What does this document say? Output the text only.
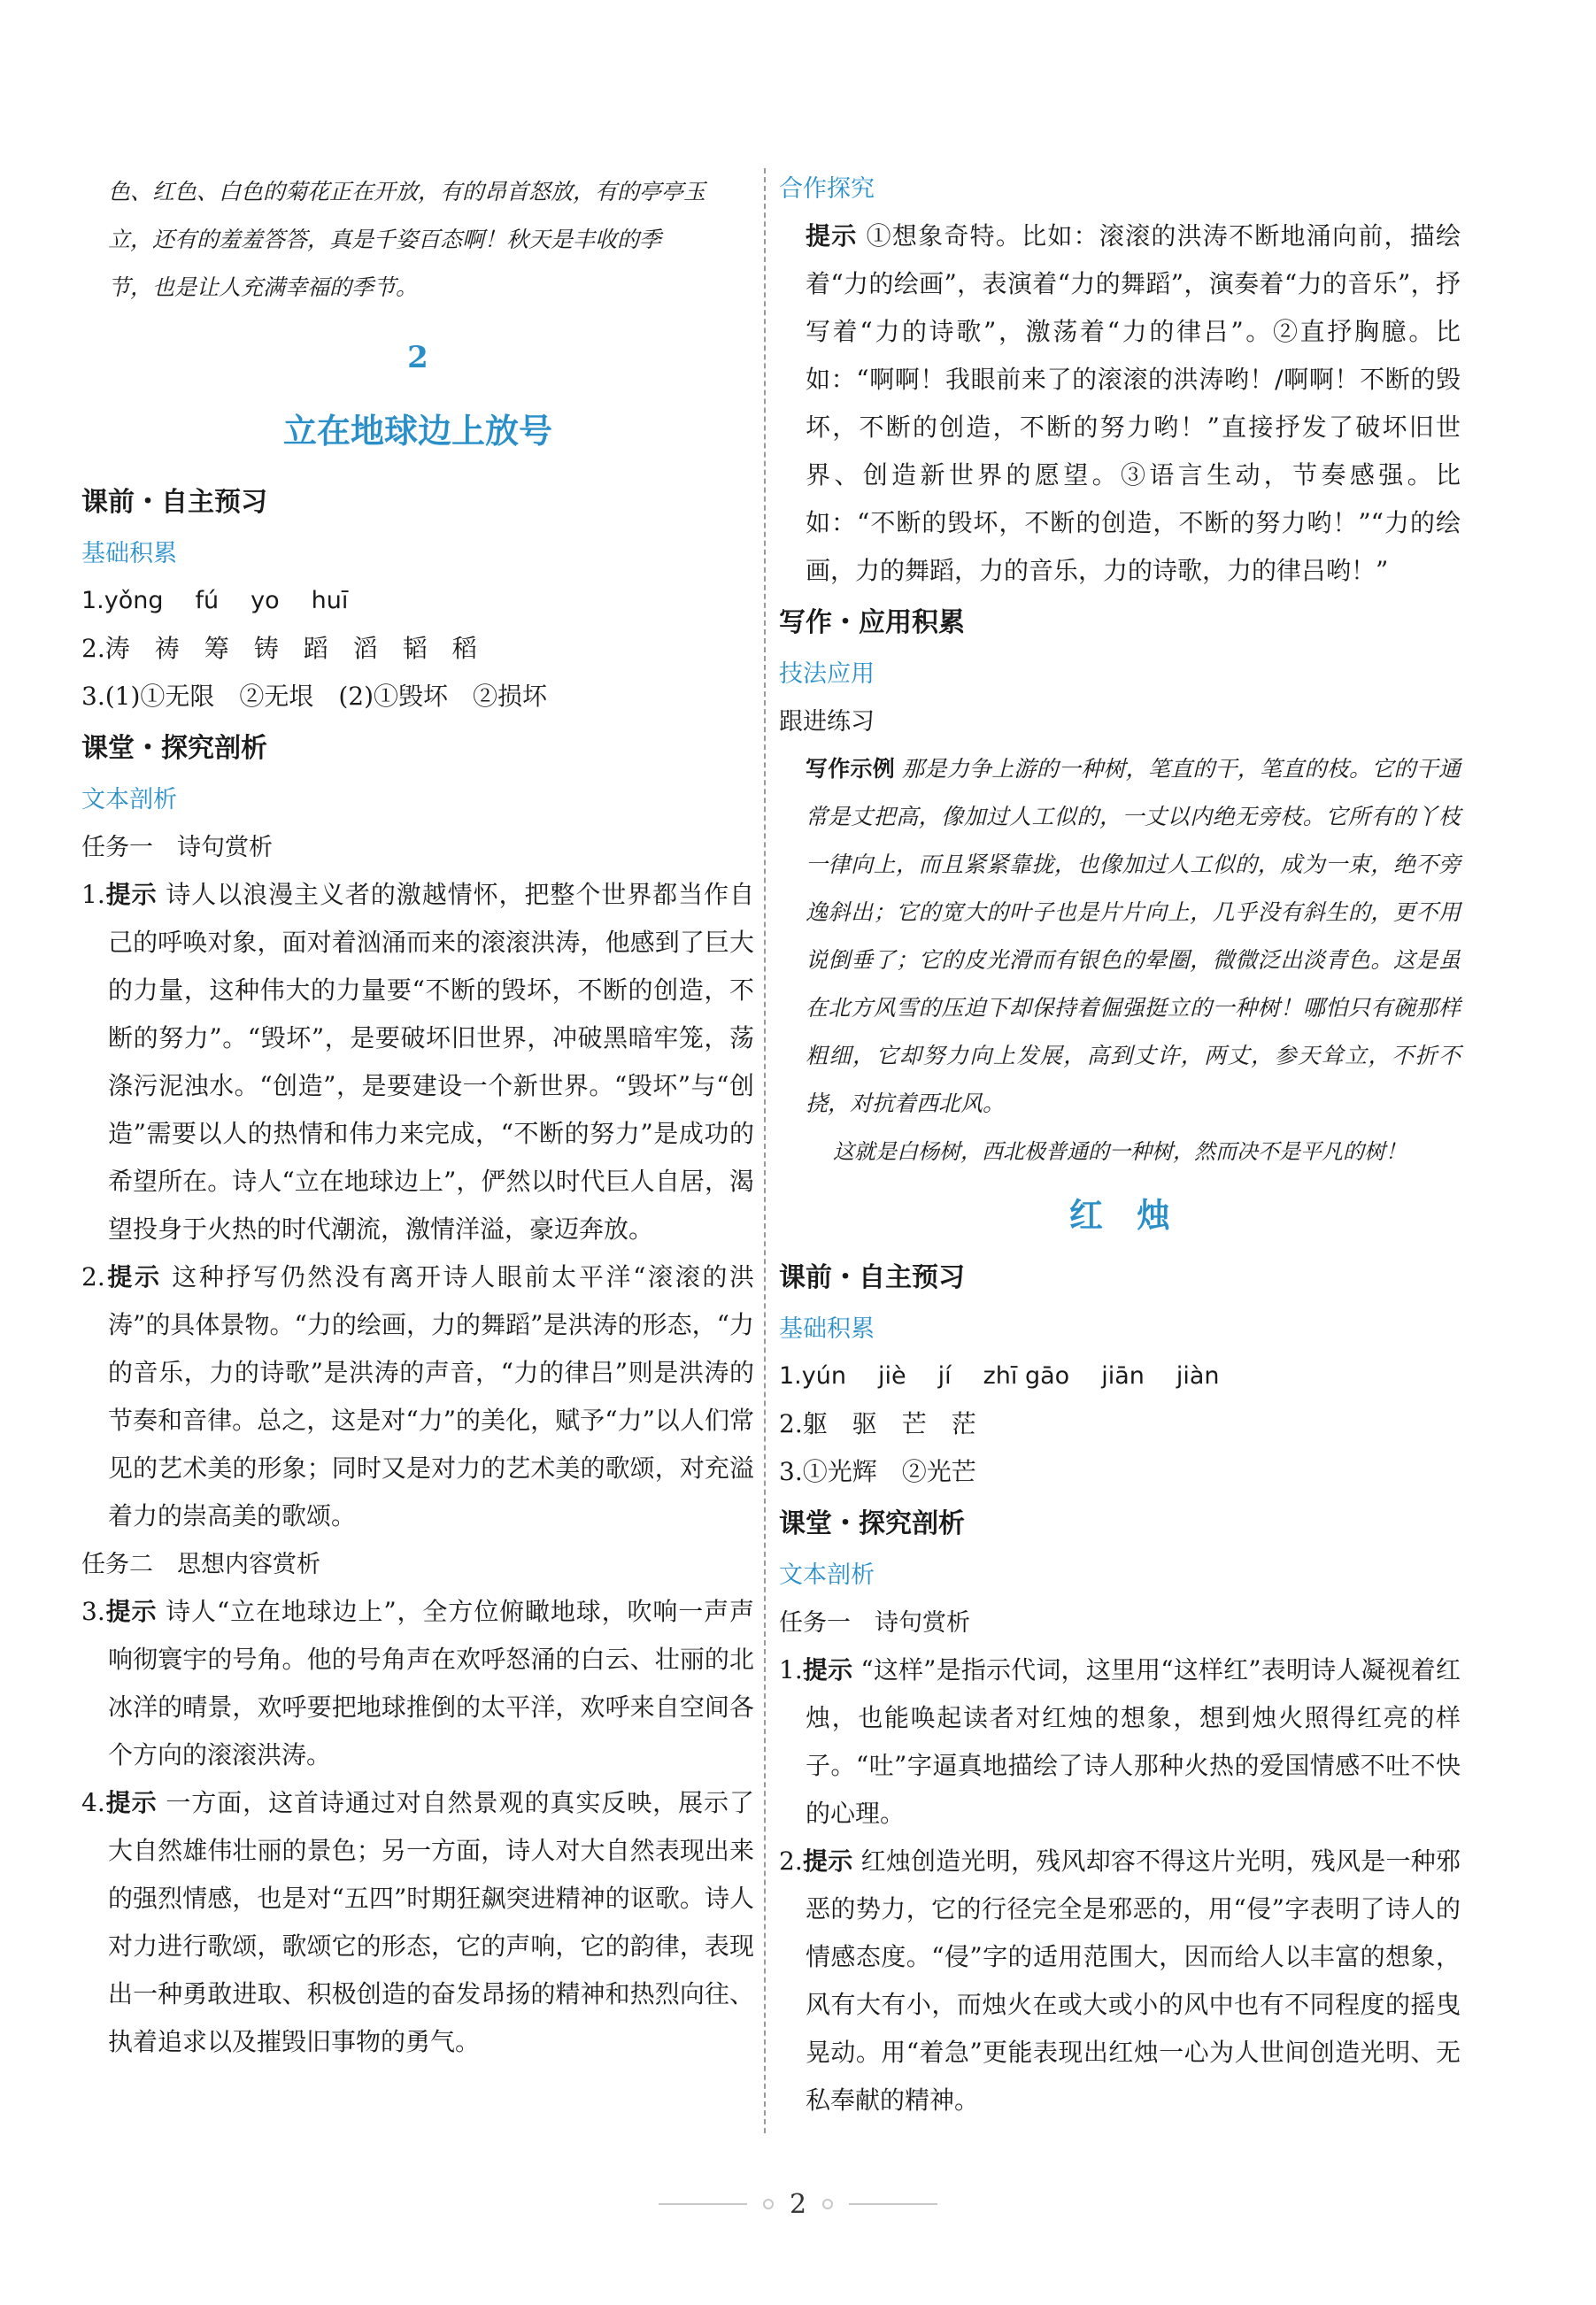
色、红色、白色的菊花正在开放，有的昂首怒放，有的亭亭玉

立，还有的羞羞答答，真是千姿百态啊！秋天是丰收的季

节，也是让人充满幸福的季节。

2

立在地球边上放号

课前・自主预习

基础积累

1.yǒng fú yo huī

2.涛　祷　筹　铸　蹈　滔　韬　稻

3.(1)①无限　②无垠　(2)①毁坏　②损坏

课堂・探究剖析

文本剖析

任务一　诗句赏析

1.提示 诗人以浪漫主义者的激越情怀，把整个世界都当作自己的呼唤对象，面对着汹涌而来的滚滚洪涛，他感到了巨大的力量，这种伟大的力量要“不断的毁坏，不断的创造，不断的努力”。“毁坏”，是要破坏旧世界，冲破黑暗牢笼，荡涤污泥浊水。“创造”，是要建设一个新世界。“毁坏”与“创造”需要以人的热情和伟力来完成，“不断的努力”是成功的希望所在。诗人“立在地球边上”，俨然以时代巨人自居，渴望投身于火热的时代潮流，激情洋溢，豪迈奔放。

2.提示 这种抒写仍然没有离开诗人眼前太平洋“滚滚的洪涛”的具体景物。“力的绘画，力的舞蹈”是洪涛的形态，“力的音乐，力的诗歌”是洪涛的声音，“力的律吕”则是洪涛的节奏和音律。总之，这是对“力”的美化，赋予“力”以人们常见的艺术美的形象；同时又是对力的艺术美的歌颂，对充溢着力的崇高美的歌颂。

任务二　思想内容赏析

3.提示 诗人“立在地球边上”，全方位俯瞰地球，吹响一声声响彻寰宇的号角。他的号角声在欢呼怒涌的白云、壮丽的北冰洋的晴景，欢呼要把地球推倒的太平洋，欢呼来自空间各个方向的滚滚洪涛。

4.提示 一方面，这首诗通过对自然景观的真实反映，展示了大自然雄伟壮丽的景色；另一方面，诗人对大自然表现出来的强烈情感，也是对“五四”时期狂飙突进精神的讴歌。诗人对力进行歌颂，歌颂它的形态，它的声响，它的韵律，表现出一种勇敢进取、积极创造的奋发昂扬的精神和热烈向往、执着追求以及摧毁旧事物的勇气。

合作探究

提示 ①想象奇特。比如：滚滚的洪涛不断地涌向前，描绘着“力的绘画”，表演着“力的舞蹈”，演奏着“力的音乐”，抒写着“力的诗歌”，激荡着“力的律吕”。②直抒胸臆。比如：“啊啊！我眼前来了的滚滚的洪涛哟！/啊啊！不断的毁坏，不断的创造，不断的努力哟！”直接抒发了破坏旧世界、创造新世界的愿望。③语言生动，节奏感强。比如：“不断的毁坏，不断的创造，不断的努力哟！”“力的绘画，力的舞蹈，力的音乐，力的诗歌，力的律吕哟！”

写作・应用积累

技法应用

跟进练习

写作示例 那是力争上游的一种树，笔直的干，笔直的枝。它的干通常是丈把高，像加过人工似的，一丈以内绝无旁枝。它所有的丫枝一律向上，而且紧紧靠拢，也像加过人工似的，成为一束，绝不旁逸斜出；它的宽大的叶子也是片片向上，几乎没有斜生的，更不用说倒垂了；它的皮光滑而有银色的晕圈，微微泛出淡青色。这是虽在北方风雪的压迫下却保持着倔强挺立的一种树！哪怕只有碗那样粗细，它却努力向上发展，高到丈许，两丈，参天耸立，不折不挠，对抗着西北风。

这就是白杨树，西北极普通的一种树，然而决不是平凡的树！

红　烛

课前・自主预习

基础积累

1.yún jiè jí zhī gāo jiān jiàn

2.躯　驱　芒　茫

3.①光辉　②光芒

课堂・探究剖析

文本剖析

任务一　诗句赏析

1.提示 “这样”是指示代词，这里用“这样红”表明诗人凝视着红烛，也能唤起读者对红烛的想象，想到烛火照得红亮的样子。“吐”字逼真地描绘了诗人那种火热的爱国情感不吐不快的心理。

2.提示 红烛创造光明，残风却容不得这片光明，残风是一种邪恶的势力，它的行径完全是邪恶的，用“侵”字表明了诗人的情感态度。“侵”字的适用范围大，因而给人以丰富的想象，风有大有小，而烛火在或大或小的风中也有不同程度的摇曳晃动。用“着急”更能表现出红烛一心为人世间创造光明、无私奉献的精神。

2
